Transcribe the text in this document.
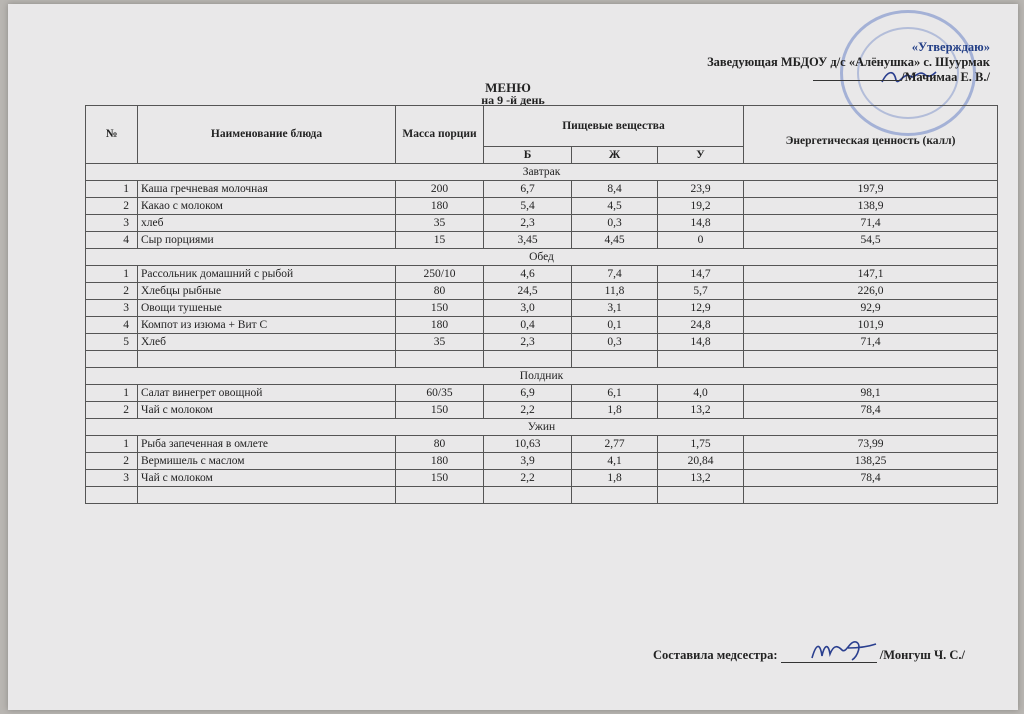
«Утверждаю»
Заведующая МБДОУ д/с «Алёнушка» с. Шуурмак
/Мачимаа Е. В./
МЕНЮ
на 9 -й день
№	Наименование блюда	Масса порции	Пищевые вещества			Энергетическая ценность (калл)
			Б	Ж	У	
Завтрак						
1	Каша гречневая молочная	200	6,7	8,4	23,9	197,9
2	Какао с молоком	180	5,4	4,5	19,2	138,9
3	хлеб	35	2,3	0,3	14,8	71,4
4	Сыр порциями	15	3,45	4,45	0	54,5
Обед						
1	Рассольник домашний с рыбой	250/10	4,6	7,4	14,7	147,1
2	Хлебцы рыбные	80	24,5	11,8	5,7	226,0
3	Овощи тушеные	150	3,0	3,1	12,9	92,9
4	Компот из изюма + Вит С	180	0,4	0,1	24,8	101,9
5	Хлеб	35	2,3	0,3	14,8	71,4

Полдник						
1	Салат винегрет овощной	60/35	6,9	6,1	4,0	98,1
2	Чай с молоком	150	2,2	1,8	13,2	78,4
Ужин						
1	Рыба запеченная в омлете	80	10,63	2,77	1,75	73,99
2	Вермишель с маслом	180	3,9	4,1	20,84	138,25
3	Чай с молоком	150	2,2	1,8	13,2	78,4

Составила медсестра:	/Монгуш Ч. С./
